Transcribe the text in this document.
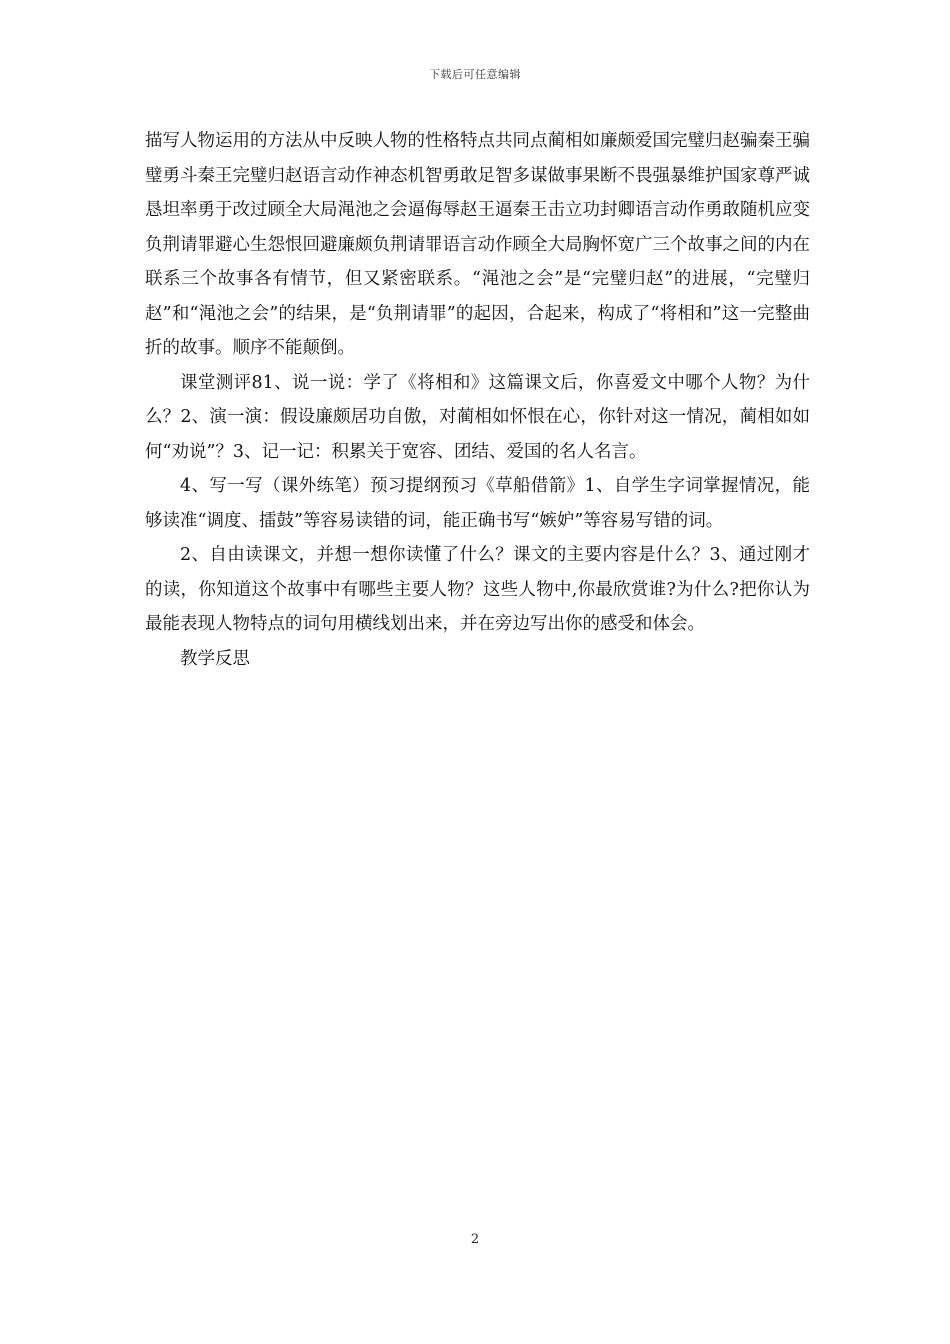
下载后可任意编辑

描写人物运用的方法从中反映人物的性格特点共同点蔺相如廉颇爱国完璧归赵骗秦王骗璧勇斗秦王完璧归赵语言动作神态机智勇敢足智多谋做事果断不畏强暴维护国家尊严诚恳坦率勇于改过顾全大局渑池之会逼侮辱赵王逼秦王击立功封卿语言动作勇敢随机应变负荆请罪避心生怨恨回避廉颇负荆请罪语言动作顾全大局胸怀宽广三个故事之间的内在联系三个故事各有情节，但又紧密联系。“渑池之会”是“完璧归赵”的进展，“完璧归赵”和“渑池之会”的结果，是“负荆请罪”的起因，合起来，构成了“将相和”这一完整曲折的故事。顺序不能颠倒。

课堂测评81、说一说：学了《将相和》这篇课文后，你喜爱文中哪个人物？为什么？2、演一演：假设廉颇居功自傲，对蔺相如怀恨在心，你针对这一情况，蔺相如如何“劝说”？3、记一记：积累关于宽容、团结、爱国的名人名言。

4、写一写（课外练笔）预习提纲预习《草船借箭》1、自学生字词掌握情况，能够读准“调度、擂鼓”等容易读错的词，能正确书写“嫉妒”等容易写错的词。

2、自由读课文，并想一想你读懂了什么？课文的主要内容是什么？3、通过刚才的读，你知道这个故事中有哪些主要人物？这些人物中,你最欣赏谁?为什么?把你认为最能表现人物特点的词句用横线划出来，并在旁边写出你的感受和体会。

教学反思

2
